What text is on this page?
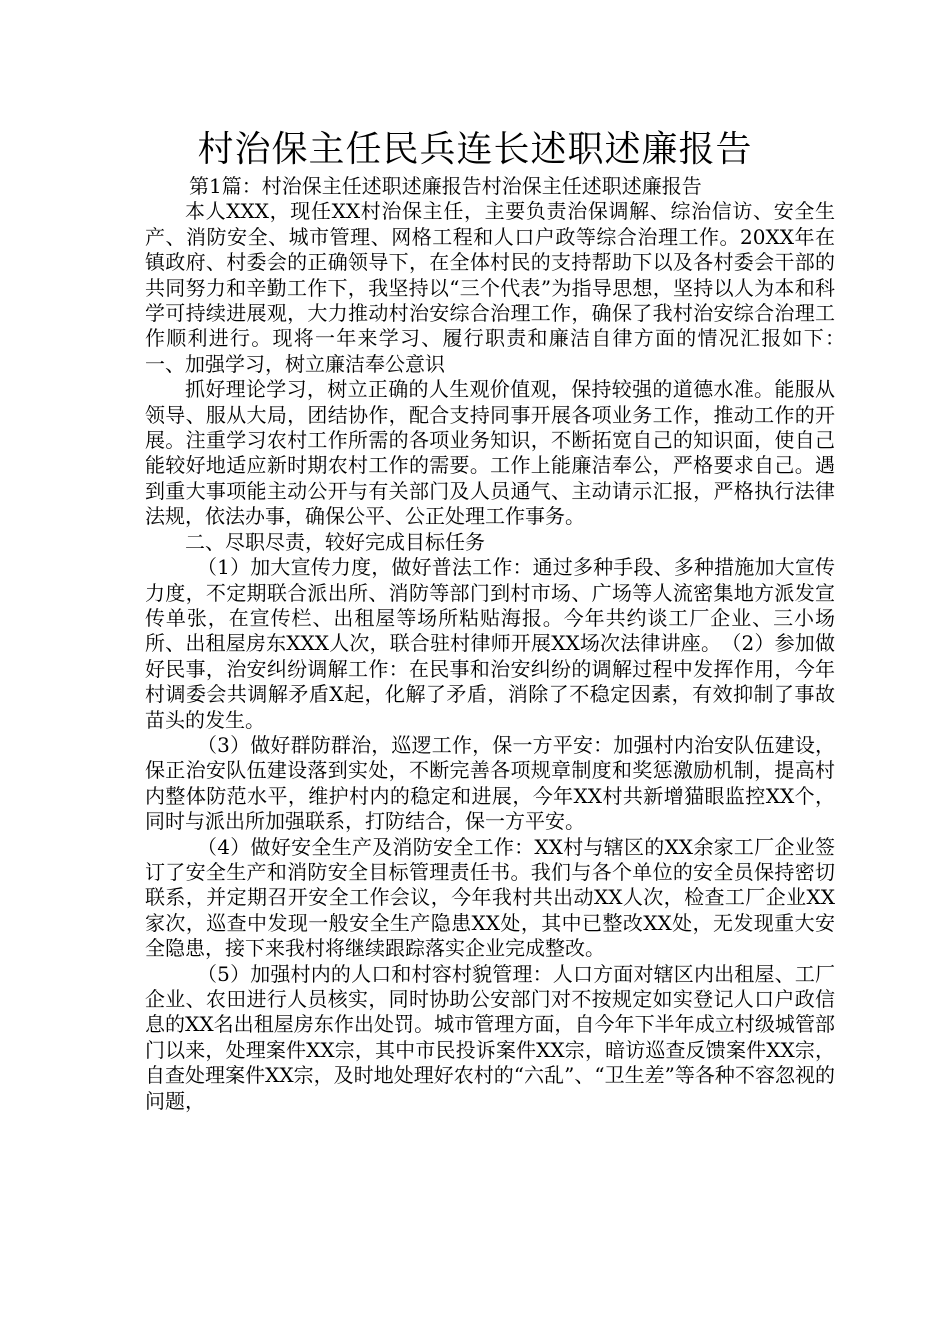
村治保主任民兵连长述职述廉报告

第1篇：村治保主任述职述廉报告村治保主任述职述廉报告

本人XXX，现任XX村治保主任，主要负责治保调解、综治信访、安全生产、消防安全、城市管理、网格工程和人口户政等综合治理工作。20XX年在镇政府、村委会的正确领导下，在全体村民的支持帮助下以及各村委会干部的共同努力和辛勤工作下，我坚持以“三个代表”为指导思想，坚持以人为本和科学可持续进展观，大力推动村治安综合治理工作，确保了我村治安综合治理工作顺利进行。现将一年来学习、履行职责和廉洁自律方面的情况汇报如下：　一、加强学习，树立廉洁奉公意识

抓好理论学习，树立正确的人生观价值观，保持较强的道德水准。能服从领导、服从大局，团结协作，配合支持同事开展各项业务工作，推动工作的开展。注重学习农村工作所需的各项业务知识，不断拓宽自己的知识面，使自己能较好地适应新时期农村工作的需要。工作上能廉洁奉公，严格要求自己。遇到重大事项能主动公开与有关部门及人员通气、主动请示汇报，严格执行法律法规，依法办事，确保公平、公正处理工作事务。

二、尽职尽责，较好完成目标任务

（1）加大宣传力度，做好普法工作：通过多种手段、多种措施加大宣传力度，不定期联合派出所、消防等部门到村市场、广场等人流密集地方派发宣传单张，在宣传栏、出租屋等场所粘贴海报。今年共约谈工厂企业、三小场所、出租屋房东XXX人次，联合驻村律师开展XX场次法律讲座。　（2）参加做好民事，治安纠纷调解工作：在民事和治安纠纷的调解过程中发挥作用，今年村调委会共调解矛盾X起，化解了矛盾，消除了不稳定因素，有效抑制了事故苗头的发生。

（3）做好群防群治，巡逻工作，保一方平安：加强村内治安队伍建设，保正治安队伍建设落到实处，不断完善各项规章制度和奖惩激励机制，提高村内整体防范水平，维护村内的稳定和进展，今年XX村共新增猫眼监控XX个，同时与派出所加强联系，打防结合，保一方平安。

（4）做好安全生产及消防安全工作：XX村与辖区的XX余家工厂企业签订了安全生产和消防安全目标管理责任书。我们与各个单位的安全员保持密切联系，并定期召开安全工作会议，今年我村共出动XX人次，检查工厂企业XX家次，巡查中发现一般安全生产隐患XX处，其中已整改XX处，无发现重大安全隐患，接下来我村将继续跟踪落实企业完成整改。

（5）加强村内的人口和村容村貌管理：人口方面对辖区内出租屋、工厂企业、农田进行人员核实，同时协助公安部门对不按规定如实登记人口户政信息的XX名出租屋房东作出处罚。城市管理方面，自今年下半年成立村级城管部门以来，处理案件XX宗，其中市民投诉案件XX宗，暗访巡查反馈案件XX宗，自查处理案件XX宗，及时地处理好农村的“六乱”、“卫生差”等各种不容忽视的问题，
